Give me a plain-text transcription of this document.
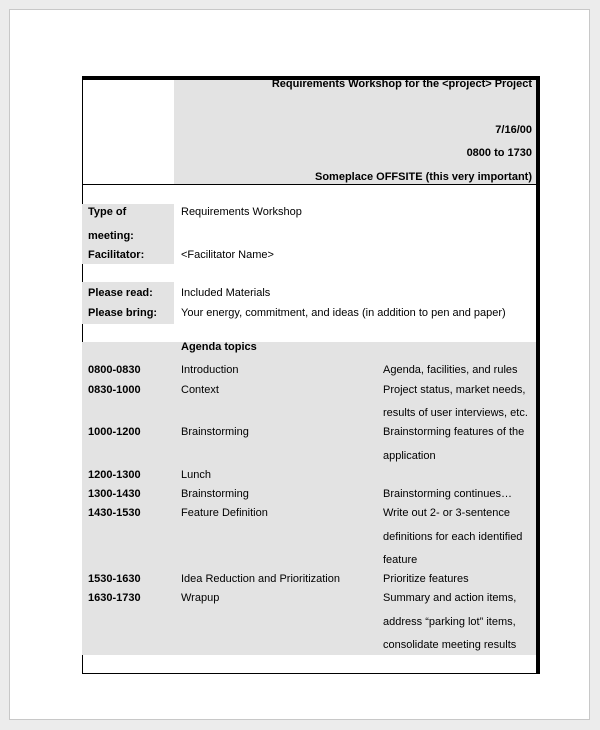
Requirements Workshop for the <project> Project
7/16/00
0800 to 1730
Someplace OFFSITE (this very important)
Type of
meeting:
Requirements Workshop
Facilitator:	<Facilitator Name>
Please read:	Included Materials
Please bring: Your energy, commitment, and ideas (in addition to pen and paper)
Agenda topics
0800-0830	Introduction	Agenda, facilities, and rules
0830-1000	Context	Project status, market needs,
results of user interviews, etc.
1000-1200	Brainstorming	Brainstorming features of the
application
1200-1300	Lunch
1300-1430	Brainstorming	Brainstorming continues…
1430-1530	Feature Definition	Write out 2- or 3-sentence
definitions for each identified
feature
1530-1630	Idea Reduction and Prioritization	Prioritize features
1630-1730	Wrapup	Summary and action items,
address “parking lot” items,
consolidate meeting results
